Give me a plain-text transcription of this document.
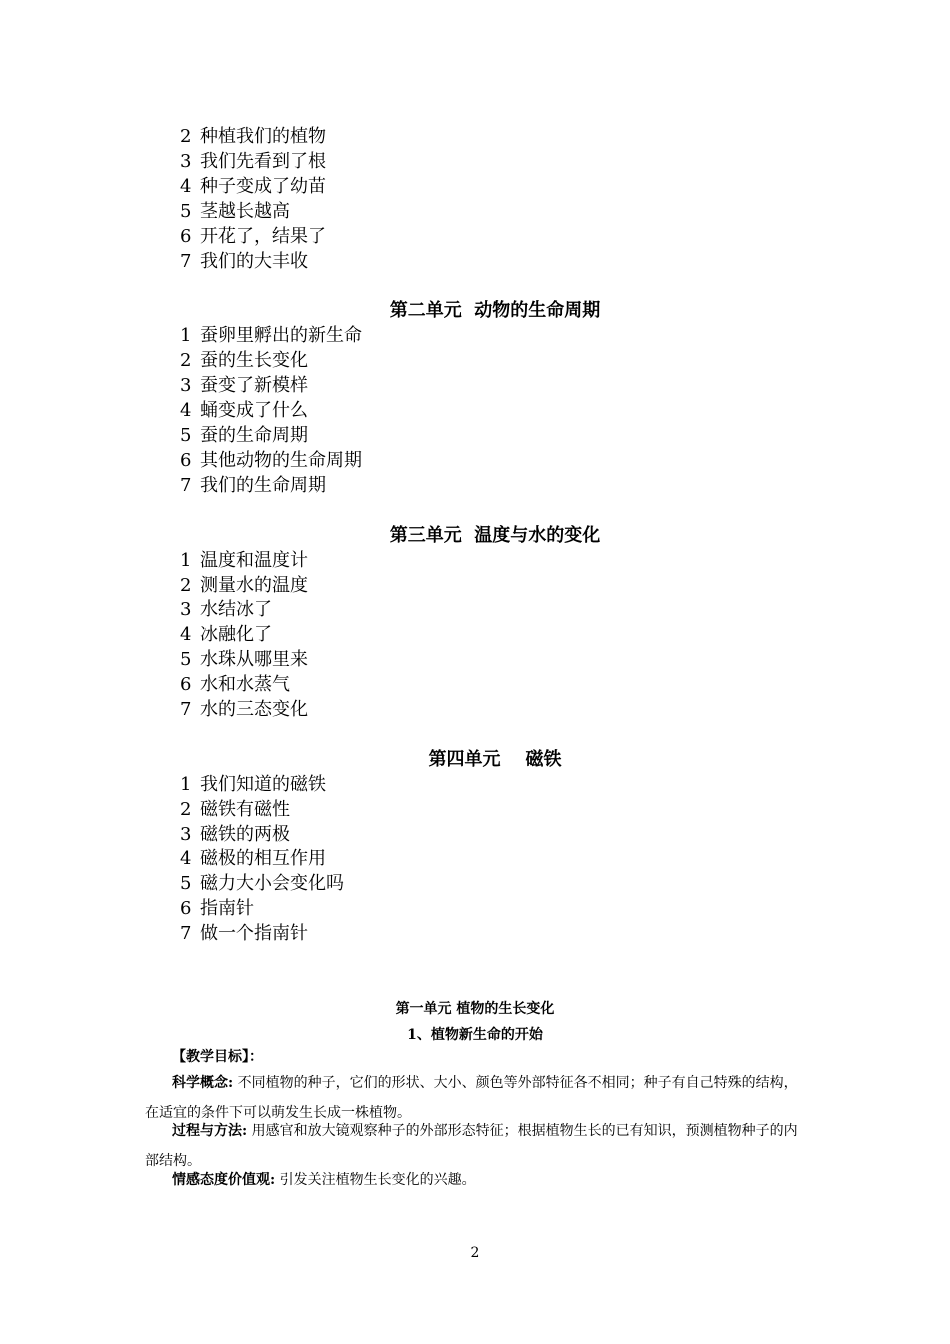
2 种植我们的植物
3 我们先看到了根
4 种子变成了幼苗
5 茎越长越高
6 开花了，结果了
7 我们的大丰收
第二单元  动物的生命周期
1 蚕卵里孵出的新生命
2 蚕的生长变化
3 蚕变了新模样
4 蛹变成了什么
5 蚕的生命周期
6 其他动物的生命周期
7 我们的生命周期
第三单元  温度与水的变化
1 温度和温度计
2 测量水的温度
3 水结冰了
4 冰融化了
5 水珠从哪里来
6 水和水蒸气
7 水的三态变化
第四单元    磁铁
1 我们知道的磁铁
2 磁铁有磁性
3 磁铁的两极
4 磁极的相互作用
5 磁力大小会变化吗
6 指南针
7 做一个指南针
第一单元 植物的生长变化
1、植物新生命的开始
【教学目标】：
科学概念: 不同植物的种子，它们的形状、大小、颜色等外部特征各不相同；种子有自己特殊的结构，在适宜的条件下可以萌发生长成一株植物。
过程与方法: 用感官和放大镜观察种子的外部形态特征；根据植物生长的已有知识，预测植物种子的内部结构。
情感态度价值观: 引发关注植物生长变化的兴趣。
2
